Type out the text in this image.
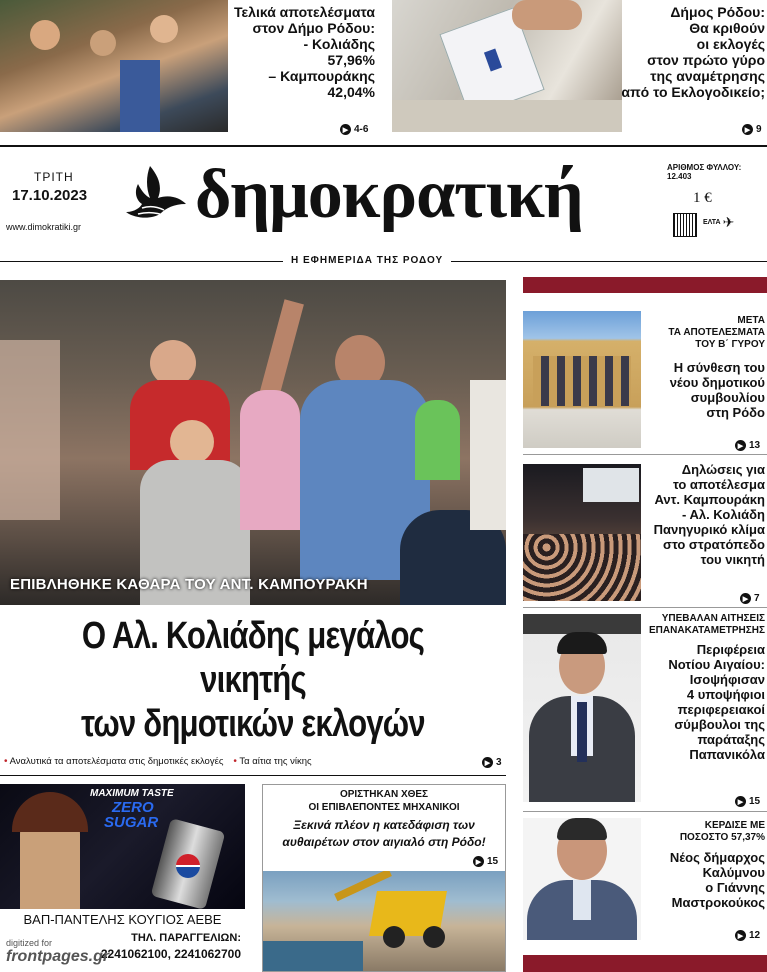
Τελικά αποτελέσματα
στον Δήμο Ρόδου:
- Κολιάδης
57,96%
– Καμπουράκης
42,04%
▶ 4-6
Δήμος Ρόδου:
Θα κριθούν
οι εκλογές
στον πρώτο γύρο
της αναμέτρησης
από το Εκλογοδικείο;
▶ 9
ΤΡΙΤΗ
17.10.2023
www.dimokratiki.gr δημοκρατική	ΑΡΙΘΜΟΣ ΦΥΛΛΟΥ: 12.403
1 €
ΕΛΤΑ ✈
Η ΕΦΗΜΕΡΙΔΑ ΤΗΣ ΡΟΔΟΥ
ΕΠΙΒΛΗΘΗΚΕ ΚΑΘΑΡΑ ΤΟΥ ΑΝΤ. ΚΑΜΠΟΥΡΑΚΗ
Ο Αλ. Κολιάδης μεγάλος νικητής
των δημοτικών εκλογών
• Αναλυτικά τα αποτελέσματα στις δημοτικές εκλογές • Τα αίτια της νίκης	▶ 3
MAXIMUM TASTE
ZERO
SUGAR
ΒΑΠ-ΠΑΝΤΕΛΗΣ ΚΟΥΓΙΟΣ ΑΕΒΕ
ΤΗΛ. ΠΑΡΑΓΓΕΛΙΩΝ:
2241062100, 2241062700
ΟΡΙΣΤΗΚΑΝ ΧΘΕΣ
ΟΙ ΕΠΙΒΛΕΠΟΝΤΕΣ ΜΗΧΑΝΙΚΟΙ
Ξεκινά πλέον η κατεδάφιση των
αυθαιρέτων στον αιγιαλό στη Ρόδο!
▶ 15
ΜΕΤΑ
ΤΑ ΑΠΟΤΕΛΕΣΜΑΤΑ
ΤΟΥ Β΄ ΓΥΡΟΥ
Η σύνθεση του
νέου δημοτικού
συμβουλίου
στη Ρόδο
▶ 13
Δηλώσεις για
το αποτέλεσμα
Αντ. Καμπουράκη
- Αλ. Κολιάδη
Πανηγυρικό κλίμα
στο στρατόπεδο
του νικητή
▶ 7
ΥΠΕΒΑΛΑΝ ΑΙΤΗΣΕΙΣ
ΕΠΑΝΑΚΑΤΑΜΕΤΡΗΣΗΣ
Περιφέρεια
Νοτίου Αιγαίου:
Ισοψήφισαν
4 υποψήφιοι
περιφερειακοί
σύμβουλοι της
παράταξης
Παπανικόλα
▶ 15
ΚΕΡΔΙΣΕ ΜΕ
ΠΟΣΟΣΤΟ 57,37%
Νέος δήμαρχος
Καλύμνου
ο Γιάννης
Μαστροκούκος
▶ 12
digitized for
frontpages.gr
